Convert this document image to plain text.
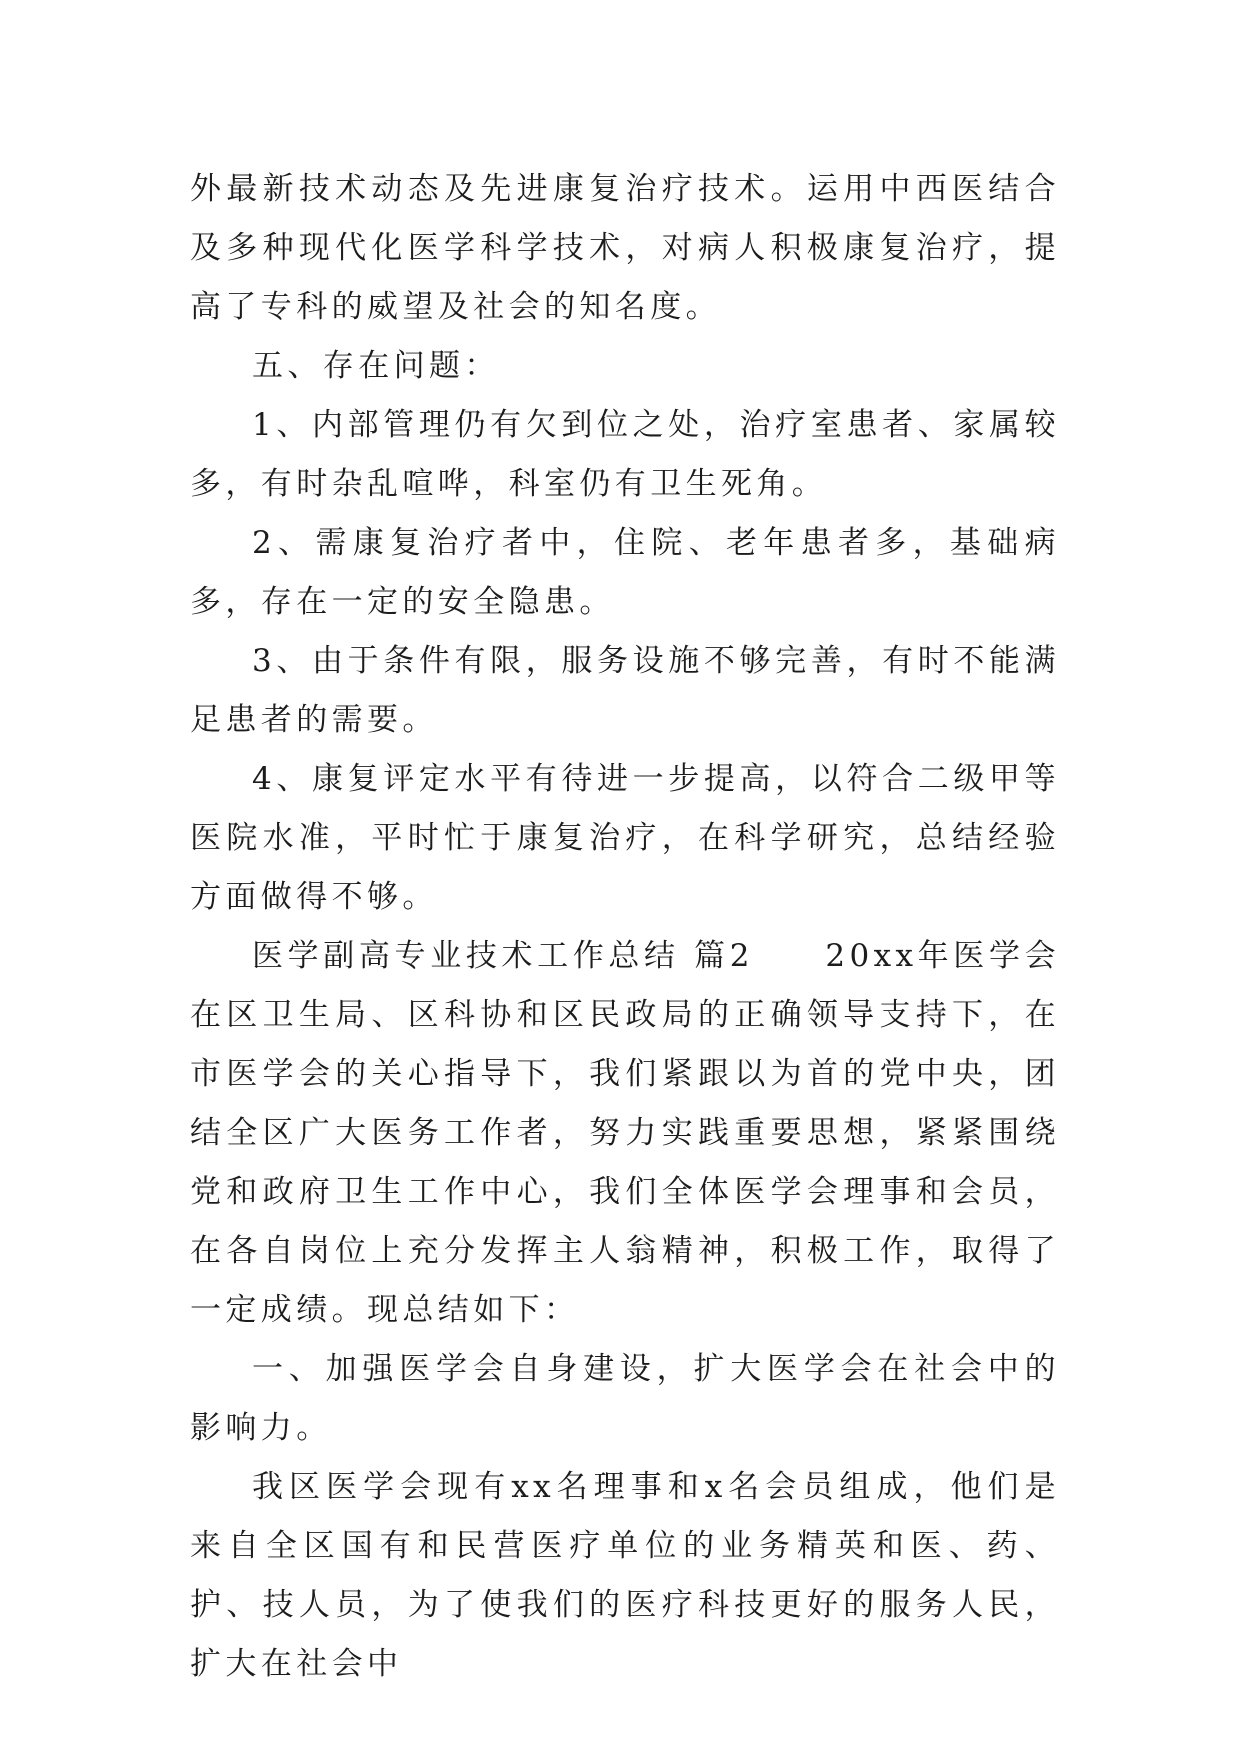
外最新技术动态及先进康复治疗技术。运用中西医结合及多种现代化医学科学技术，对病人积极康复治疗，提高了专科的威望及社会的知名度。

五、存在问题：

1、内部管理仍有欠到位之处，治疗室患者、家属较多，有时杂乱喧哗，科室仍有卫生死角。

2、需康复治疗者中，住院、老年患者多，基础病多，存在一定的安全隐患。

3、由于条件有限，服务设施不够完善，有时不能满足患者的需要。

4、康复评定水平有待进一步提高，以符合二级甲等医院水准，平时忙于康复治疗，在科学研究，总结经验方面做得不够。

医学副高专业技术工作总结 篇2　　20xx年医学会在区卫生局、区科协和区民政局的正确领导支持下，在市医学会的关心指导下，我们紧跟以为首的党中央，团结全区广大医务工作者，努力实践重要思想，紧紧围绕党和政府卫生工作中心，我们全体医学会理事和会员，在各自岗位上充分发挥主人翁精神，积极工作，取得了一定成绩。现总结如下：

一、加强医学会自身建设，扩大医学会在社会中的影响力。

我区医学会现有xx名理事和x名会员组成，他们是来自全区国有和民营医疗单位的业务精英和医、药、护、技人员，为了使我们的医疗科技更好的服务人民，扩大在社会中
